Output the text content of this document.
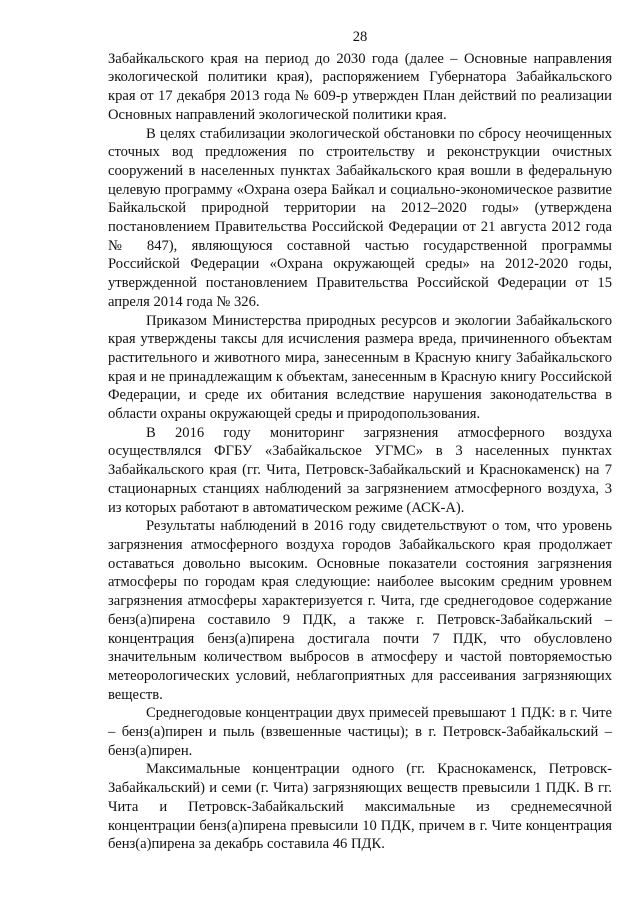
28

Забайкальского края на период до 2030 года (далее – Основные направления экологической политики края), распоряжением Губернатора Забайкальского края от 17 декабря 2013 года № 609-р утвержден План действий по реализации Основных направлений экологической политики края.

В целях стабилизации экологической обстановки по сбросу неочищенных сточных вод предложения по строительству и реконструкции очистных сооружений в населенных пунктах Забайкальского края вошли в федеральную целевую программу «Охрана озера Байкал и социально-экономическое развитие Байкальской природной территории на 2012–2020 годы» (утверждена постановлением Правительства Российской Федерации от 21 августа 2012 года № 847), являющуюся составной частью государственной программы Российской Федерации «Охрана окружающей среды» на 2012-2020 годы, утвержденной постановлением Правительства Российской Федерации от 15 апреля 2014 года № 326.

Приказом Министерства природных ресурсов и экологии Забайкальского края утверждены таксы для исчисления размера вреда, причиненного объектам растительного и животного мира, занесенным в Красную книгу Забайкальского края и не принадлежащим к объектам, занесенным в Красную книгу Российской Федерации, и среде их обитания вследствие нарушения законодательства в области охраны окружающей среды и природопользования.

В 2016 году мониторинг загрязнения атмосферного воздуха осуществлялся ФГБУ «Забайкальское УГМС» в 3 населенных пунктах Забайкальского края (гг. Чита, Петровск-Забайкальский и Краснокаменск) на 7 стационарных станциях наблюдений за загрязнением атмосферного воздуха, 3 из которых работают в автоматическом режиме (АСК-А).

Результаты наблюдений в 2016 году свидетельствуют о том, что уровень загрязнения атмосферного воздуха городов Забайкальского края продолжает оставаться довольно высоким. Основные показатели состояния загрязнения атмосферы по городам края следующие: наиболее высоким средним уровнем загрязнения атмосферы характеризуется г. Чита, где среднегодовое содержание бенз(а)пирена составило 9 ПДК, а также г. Петровск-Забайкальский – концентрация бенз(а)пирена достигала почти 7 ПДК, что обусловлено значительным количеством выбросов в атмосферу и частой повторяемостью метеорологических условий, неблагоприятных для рассеивания загрязняющих веществ.

Среднегодовые концентрации двух примесей превышают 1 ПДК: в г. Чите – бенз(а)пирен и пыль (взвешенные частицы); в г. Петровск-Забайкальский – бенз(а)пирен.

Максимальные концентрации одного (гг. Краснокаменск, Петровск-Забайкальский) и семи (г. Чита) загрязняющих веществ превысили 1 ПДК. В гг. Чита и Петровск-Забайкальский максимальные из среднемесячной концентрации бенз(а)пирена превысили 10 ПДК, причем в г. Чите концентрация бенз(а)пирена за декабрь составила 46 ПДК.
